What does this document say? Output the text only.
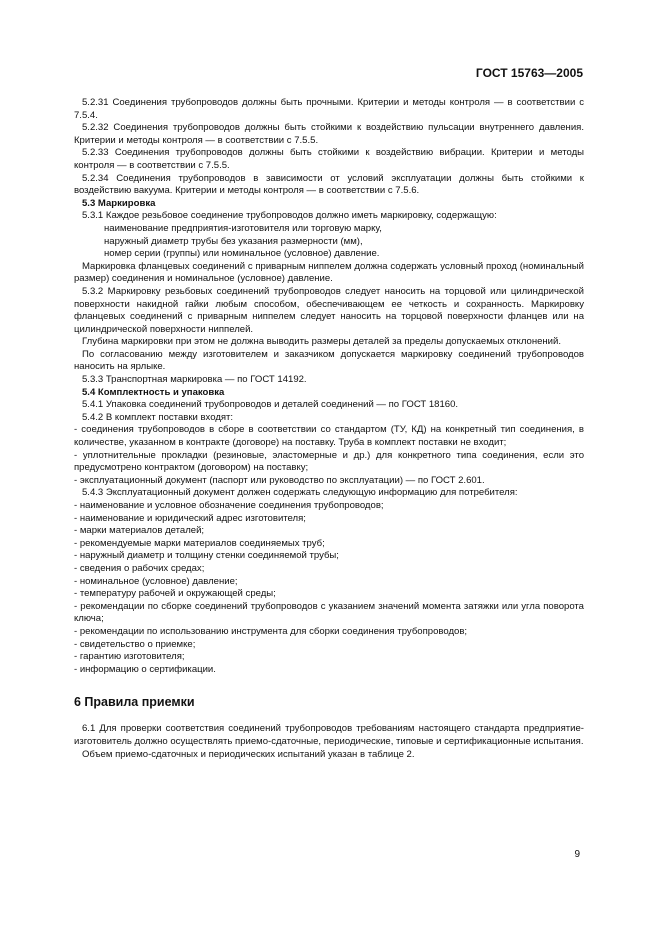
ГОСТ 15763—2005

5.2.31 Соединения трубопроводов должны быть прочными. Критерии и методы контроля — в соответствии с 7.5.4.

5.2.32 Соединения трубопроводов должны быть стойкими к воздействию пульсации внутреннего давления. Критерии и методы контроля — в соответствии с 7.5.5.

5.2.33 Соединения трубопроводов должны быть стойкими к воздействию вибрации. Критерии и методы контроля — в соответствии с 7.5.5.

5.2.34 Соединения трубопроводов в зависимости от условий эксплуатации должны быть стойкими к воздействию вакуума. Критерии и методы контроля — в соответствии с 7.5.6.

5.3 Маркировка

5.3.1 Каждое резьбовое соединение трубопроводов должно иметь маркировку, содержащую:

наименование предприятия-изготовителя или торговую марку,

наружный диаметр трубы без указания размерности (мм),

номер серии (группы) или номинальное (условное) давление.

Маркировка фланцевых соединений с приварным ниппелем должна содержать условный проход (номинальный размер) соединения и номинальное (условное) давление.

5.3.2 Маркировку резьбовых соединений трубопроводов следует наносить на торцовой или цилиндрической поверхности накидной гайки любым способом, обеспечивающем ее четкость и сохранность. Маркировку фланцевых соединений с приварным ниппелем следует наносить на торцовой поверхности фланцев или на цилиндрической поверхности ниппелей.

Глубина маркировки при этом не должна выводить размеры деталей за пределы допускаемых отклонений.

По согласованию между изготовителем и заказчиком допускается маркировку соединений трубопроводов наносить на ярлыке.

5.3.3 Транспортная маркировка — по ГОСТ 14192.

5.4 Комплектность и упаковка

5.4.1 Упаковка соединений трубопроводов и деталей соединений — по ГОСТ 18160.

5.4.2 В комплект поставки входят:

- соединения трубопроводов в сборе в соответствии со стандартом (ТУ, КД) на конкретный тип соединения, в количестве, указанном в контракте (договоре) на поставку. Труба в комплект поставки не входит;

- уплотнительные прокладки (резиновые, эластомерные и др.) для конкретного типа соединения, если это предусмотрено контрактом (договором) на поставку;

- эксплуатационный документ (паспорт или руководство по эксплуатации) — по ГОСТ 2.601.

5.4.3 Эксплуатационный документ должен содержать следующую информацию для потребителя:

- наименование и условное обозначение соединения трубопроводов;

- наименование и юридический адрес изготовителя;

- марки материалов деталей;

- рекомендуемые марки материалов соединяемых труб;

- наружный диаметр и толщину стенки соединяемой трубы;

- сведения о рабочих средах;

- номинальное (условное) давление;

- температуру рабочей и окружающей среды;

- рекомендации по сборке соединений трубопроводов с указанием значений момента затяжки или угла поворота ключа;

- рекомендации по использованию инструмента для сборки соединения трубопроводов;

- свидетельство о приемке;

- гарантию изготовителя;

- информацию о сертификации.

6 Правила приемки

6.1 Для проверки соответствия соединений трубопроводов требованиям настоящего стандарта предприятие-изготовитель должно осуществлять приемо-сдаточные, периодические, типовые и сертификационные испытания.

Объем приемо-сдаточных и периодических испытаний указан в таблице 2.

9
